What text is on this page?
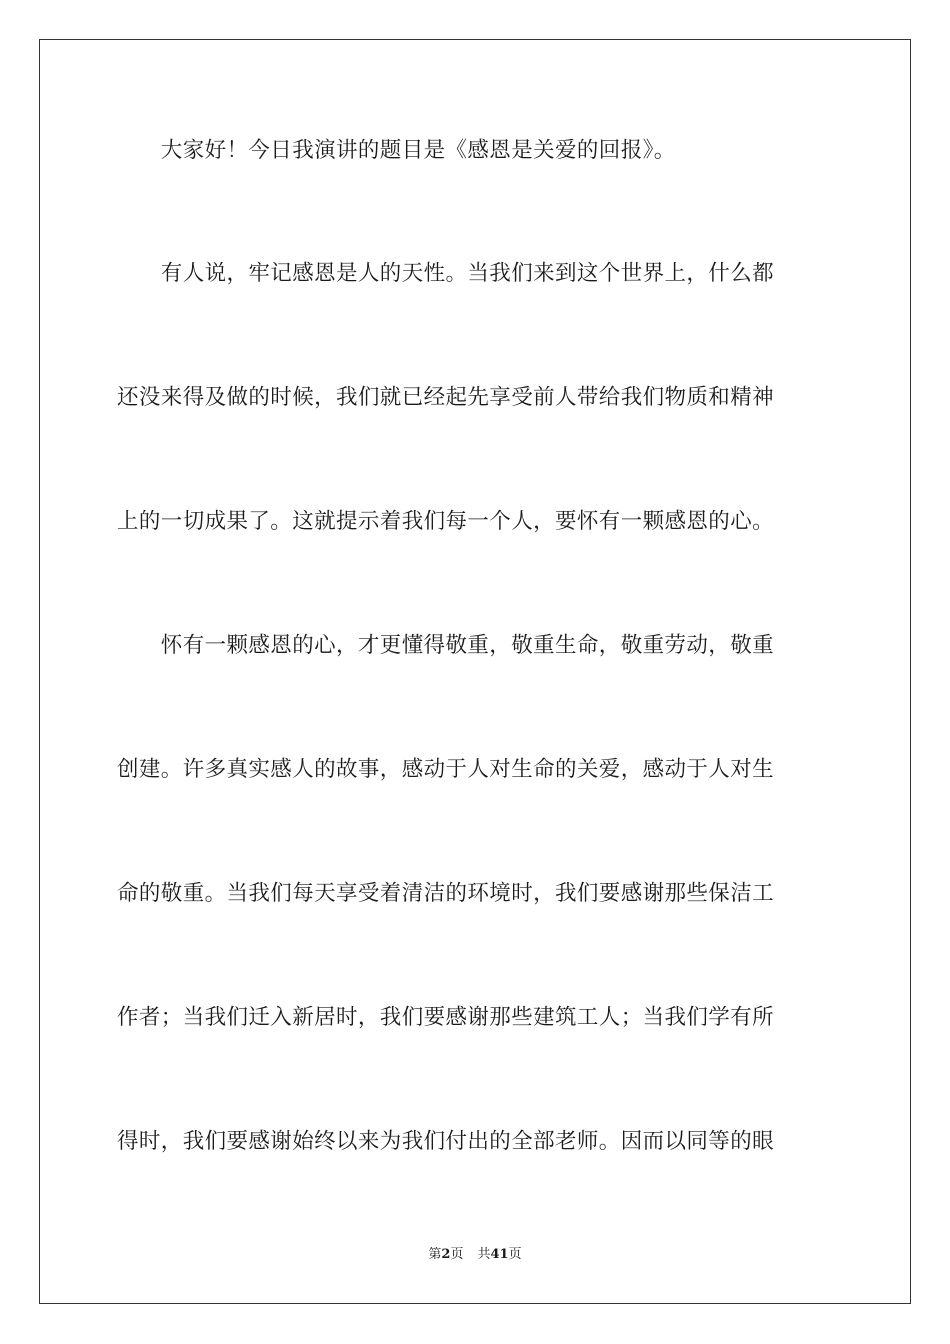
　　大家好！今日我演讲的题目是《感恩是关爱的回报》。
　　有人说，牢记感恩是人的天性。当我们来到这个世界上，什么都
还没来得及做的时候，我们就已经起先享受前人带给我们物质和精神
上的一切成果了。这就提示着我们每一个人，要怀有一颗感恩的心。
　　怀有一颗感恩的心，才更懂得敬重，敬重生命，敬重劳动，敬重
创建。许多真实感人的故事，感动于人对生命的关爱，感动于人对生
命的敬重。当我们每天享受着清洁的环境时，我们要感谢那些保洁工
作者；当我们迁入新居时，我们要感谢那些建筑工人；当我们学有所
得时，我们要感谢始终以来为我们付出的全部老师。因而以同等的眼
第2页 共41页
